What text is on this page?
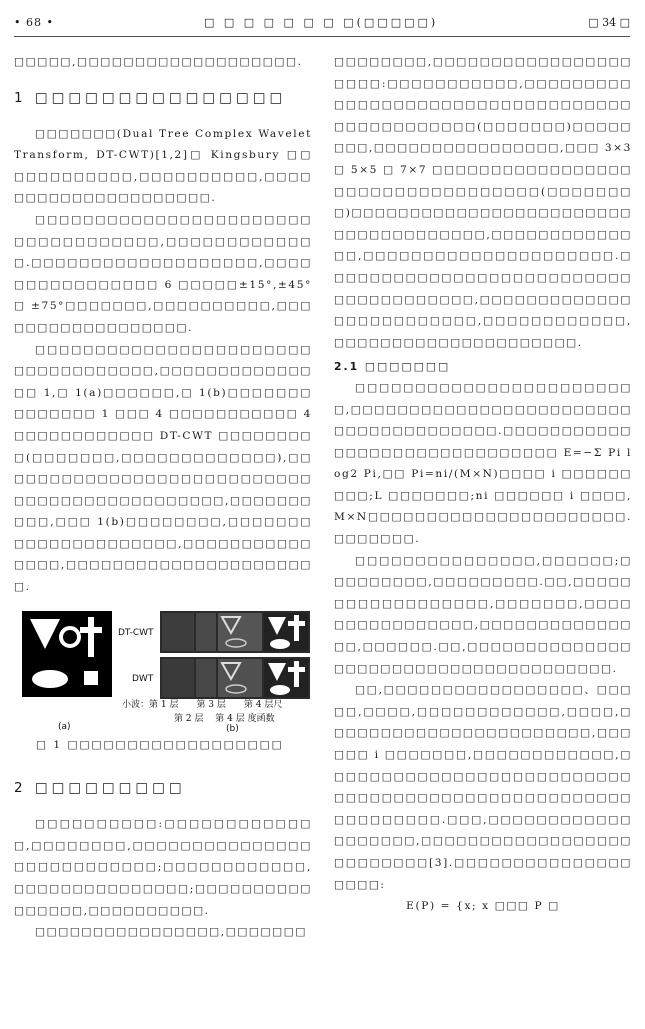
• 68 •	□ □ □ □ □ □ □ □(□□□□□)	□ 34 □

□□□□□,□□□□□□□□□□□□□□□□□□□.

1 □□□□□□□□□□□□□□□

□□□□□□□(Dual Tree Complex Wavelet Transform, DT-CWT)[1,2]□ Kingsbury □□□□□□□□□□□□,□□□□□□□□□□,□□□□□□□□□□□□□□□□□□□□□.

□□□□□□□□□□□□□□□□□□□□□□□□□□□□□□□□□□□,□□□□□□□□□□□□□.□□□□□□□□□□□□□□□□□□□,□□□□□□□□□□□□□□□□ 6 □□□□□±15°,±45°□ ±75°□□□□□□□,□□□□□□□□□□,□□□□□□□□□□□□□□□□□□.

□□□□□□□□□□□□□□□□□□□□□□□□□□□□□□□□□□□,□□□□□□□□□□□□□□□ 1,□ 1(a)□□□□□□,□ 1(b)□□□□□□□□□□□□□□ 1 □□□ 4 □□□□□□□□□□□ 4 □□□□□□□□□□□□ DT-CWT □□□□□□□□□(□□□□□□□,□□□□□□□□□□□□□),□□□□□□□□□□□□□□□□□□□□□□□□□□□□□□□□□□□□□□□□□□□□□,□□□□□□□□□□,□□□ 1(b)□□□□□□□□,□□□□□□□□□□□□□□□□□□□□□,□□□□□□□□□□□□□□□,□□□□□□□□□□□□□□□□□□□□□□.

DT-CWT
DWT
小波：第 1 层　　第 3 层　　第 4 层尺
第 2 层　 第 4 层 度函数
(a)	(b)

□ 1 □□□□□□□□□□□□□□□□□□

2 □□□□□□□□□

□□□□□□□□□□:□□□□□□□□□□□□□,□□□□□□□□,□□□□□□□□□□□□□□□□□□□□□□□□□□□;□□□□□□□□□□□□,□□□□□□□□□□□□□□□;□□□□□□□□□□□□□□□□,□□□□□□□□□□.

□□□□□□□□□□□□□□□□,□□□□□□□

□□□□□□□□,□□□□□□□□□□□□□□□□□□□□□:□□□□□□□□□□□,□□□□□□□□□□□□□□□□□□□□□□□□□□□□□□□□□□□□□□□□□□□□□□(□□□□□□□)□□□□□□□□,□□□□□□□□□□□□□□□□,□□□ 3×3 □ 5×5 □ 7×7 □□□□□□□□□□□□□□□□□□□□□□□□□□□□□□□□□□(□□□□□□□□)□□□□□□□□□□□□□□□□□□□□□□□□□□□□□□□□□□□□□,□□□□□□□□□□□□□□,□□□□□□□□□□□□□□□□□□□□□.□□□□□□□□□□□□□□□□□□□□□□□□□□□□□□□□□□□□□□,□□□□□□□□□□□□□□□□□□□□□□□□□,□□□□□□□□□□□□,□□□□□□□□□□□□□□□□□□□□□.

2.1 □□□□□□□

□□□□□□□□□□□□□□□□□□□□□□□□,□□□□□□□□□□□□□□□□□□□□□□□□□□□□□□□□□□□□□□.□□□□□□□□□□□□□□□□□□□□□□□□□□□□□□ E=−Σ Pi log2 Pi,□□ Pi=ni/(M×N)□□□□ i □□□□□□□□□;L □□□□□□□;ni □□□□□□ i □□□□,M×N□□□□□□□□□□□□□□□□□□□□□□.□□□□□□□.

□□□□□□□□□□□□□□□,□□□□□□;□□□□□□□□□,□□□□□□□□□.□□,□□□□□□□□□□□□□□□□□□,□□□□□□□,□□□□□□□□□□□□□□□□,□□□□□□□□□□□□□□□,□□□□□□.□□,□□□□□□□□□□□□□□□□□□□□□□□□□□□□□□□□□□□□□□.

□□,□□□□□□□□□□□□□□□□□、□□□□□,□□□□,□□□□□□□□□□□□,□□□□,□□□□□□□□□□□□□□□□□□□□□□□,□□□□□□ i □□□□□□□,□□□□□□□□□□□□,□□□□□□□□□□□□□□□□□□□□□□□□□□□□□□□□□□□□□□□□□□□□□□□□□□□□□□□□□□□□.□□□,□□□□□□□□□□□□□□□□□□□,□□□□□□□□□□□□□□□□□□□□□□□□□□[3].□□□□□□□□□□□□□□□□□□□:

E(P) = {x; x □□□ P □
